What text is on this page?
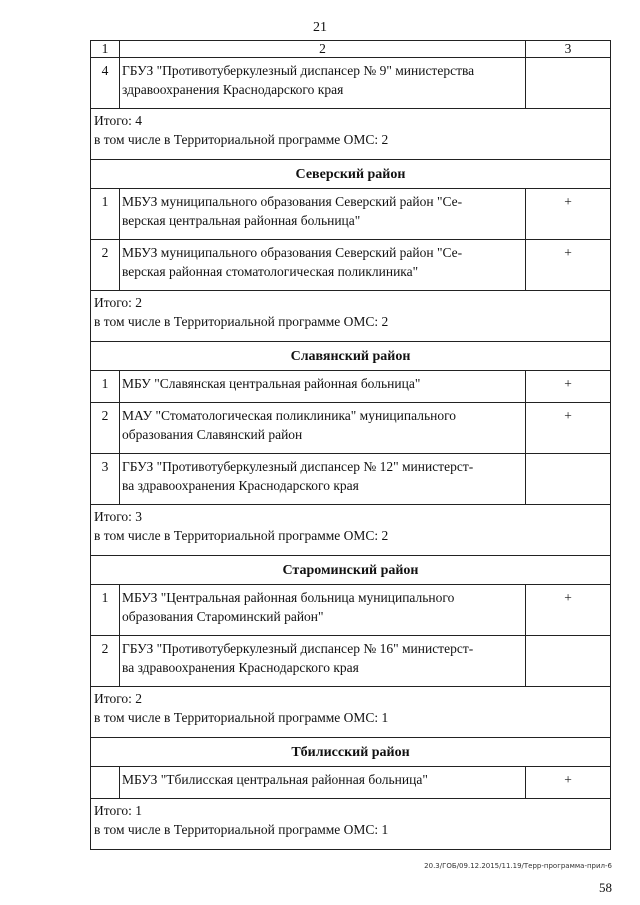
21
1	2	3
4	ГБУЗ "Противотуберкулезный диспансер № 9" министерства
здравоохранения Краснодарского края	

Итого: 4
в том числе в Территориальной программе ОМС: 2		

Северский район		
1	МБУЗ муниципального образования Северский район "Се-
верская центральная районная больница"	+
2	МБУЗ муниципального образования Северский район "Се-
верская районная стоматологическая поликлиника"	+

Итого: 2
в том числе в Территориальной программе ОМС: 2		

Славянский район		
1	МБУ "Славянская центральная районная больница"	+
2	МАУ "Стоматологическая поликлиника" муниципального
образования Славянский район	+
3	ГБУЗ "Противотуберкулезный диспансер № 12" министерст-
ва здравоохранения Краснодарского края	

Итого: 3
в том числе в Территориальной программе ОМС: 2		

Староминский район		
1	МБУЗ "Центральная районная больница муниципального
образования Староминский район"	+
2	ГБУЗ "Противотуберкулезный диспансер № 16" министерст-
ва здравоохранения Краснодарского края	

Итого: 2
в том числе в Территориальной программе ОМС: 1		

Тбилисский район		

	МБУЗ "Тбилисская центральная районная больница"	+

Итого: 1
в том числе в Территориальной программе ОМС: 1		
20.3/ГОБ/09.12.2015/11.19/Терр-программа-прил-6
58
